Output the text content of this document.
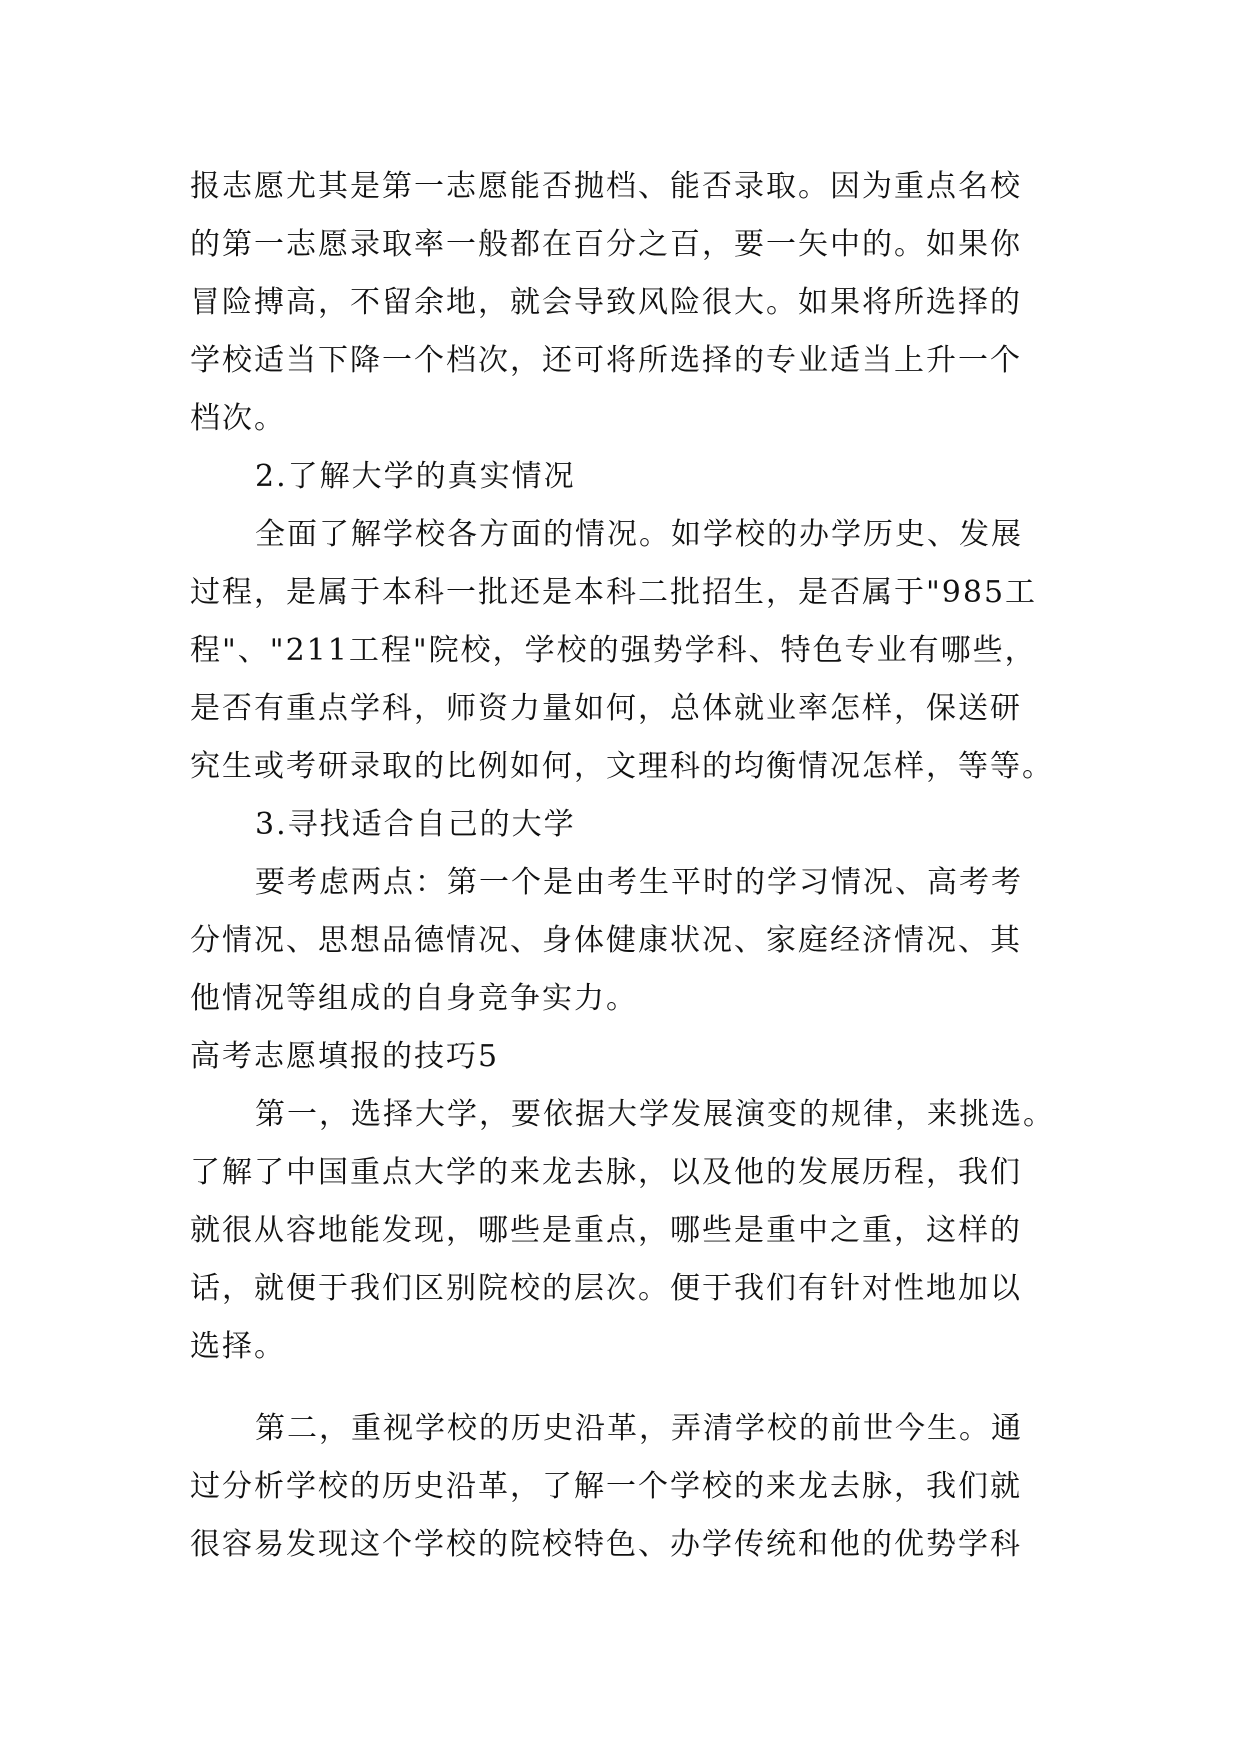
报志愿尤其是第一志愿能否抛档、能否录取。因为重点名校
的第一志愿录取率一般都在百分之百，要一矢中的。如果你
冒险搏高，不留余地，就会导致风险很大。如果将所选择的
学校适当下降一个档次，还可将所选择的专业适当上升一个
档次。
2.了解大学的真实情况
全面了解学校各方面的情况。如学校的办学历史、发展
过程，是属于本科一批还是本科二批招生，是否属于"985工
程"、"211工程"院校，学校的强势学科、特色专业有哪些，
是否有重点学科，师资力量如何，总体就业率怎样，保送研
究生或考研录取的比例如何，文理科的均衡情况怎样，等等。
3.寻找适合自己的大学
要考虑两点：第一个是由考生平时的学习情况、高考考
分情况、思想品德情况、身体健康状况、家庭经济情况、其
他情况等组成的自身竞争实力。
高考志愿填报的技巧5
第一，选择大学，要依据大学发展演变的规律，来挑选。
了解了中国重点大学的来龙去脉，以及他的发展历程，我们
就很从容地能发现，哪些是重点，哪些是重中之重，这样的
话，就便于我们区别院校的层次。便于我们有针对性地加以
选择。
第二，重视学校的历史沿革，弄清学校的前世今生。通
过分析学校的历史沿革，了解一个学校的来龙去脉，我们就
很容易发现这个学校的院校特色、办学传统和他的优势学科
